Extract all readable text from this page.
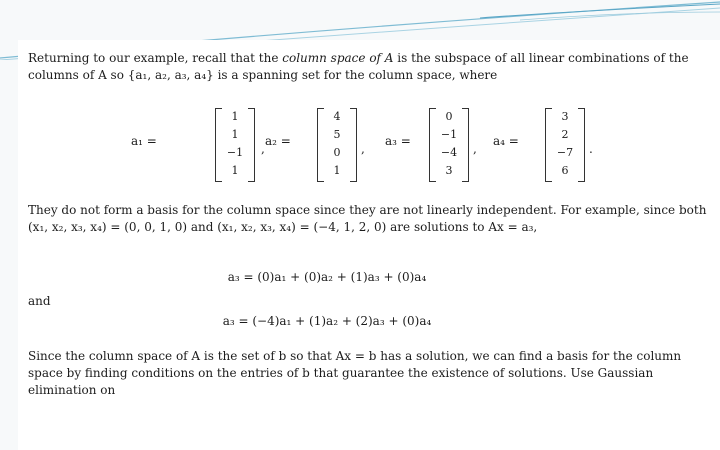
Returning to our example, recall that the column space of A is the subspace of all linear combinations of the columns of A so {a₁, a₂, a₃, a₄} is a spanning set for the column space, where

a₁ =
1
1
−1
1
,
a₂ =
4
5
0
1
,
a₃ =
0
−1
−4
3
,
a₄ =
3
2
−7
6
.

They do not form a basis for the column space since they are not linearly independent. For example, since both (x₁, x₂, x₃, x₄) = (0, 0, 1, 0) and (x₁, x₂, x₃, x₄) = (−4, 1, 2, 0) are solutions to Ax = a₃,

a₃ = (0)a₁ + (0)a₂ + (1)a₃ + (0)a₄

and

a₃ = (−4)a₁ + (1)a₂ + (2)a₃ + (0)a₄

Since the column space of A is the set of b so that Ax = b has a solution, we can find a basis for the column space by finding conditions on the entries of b that guarantee the existence of solutions. Use Gaussian elimination on
